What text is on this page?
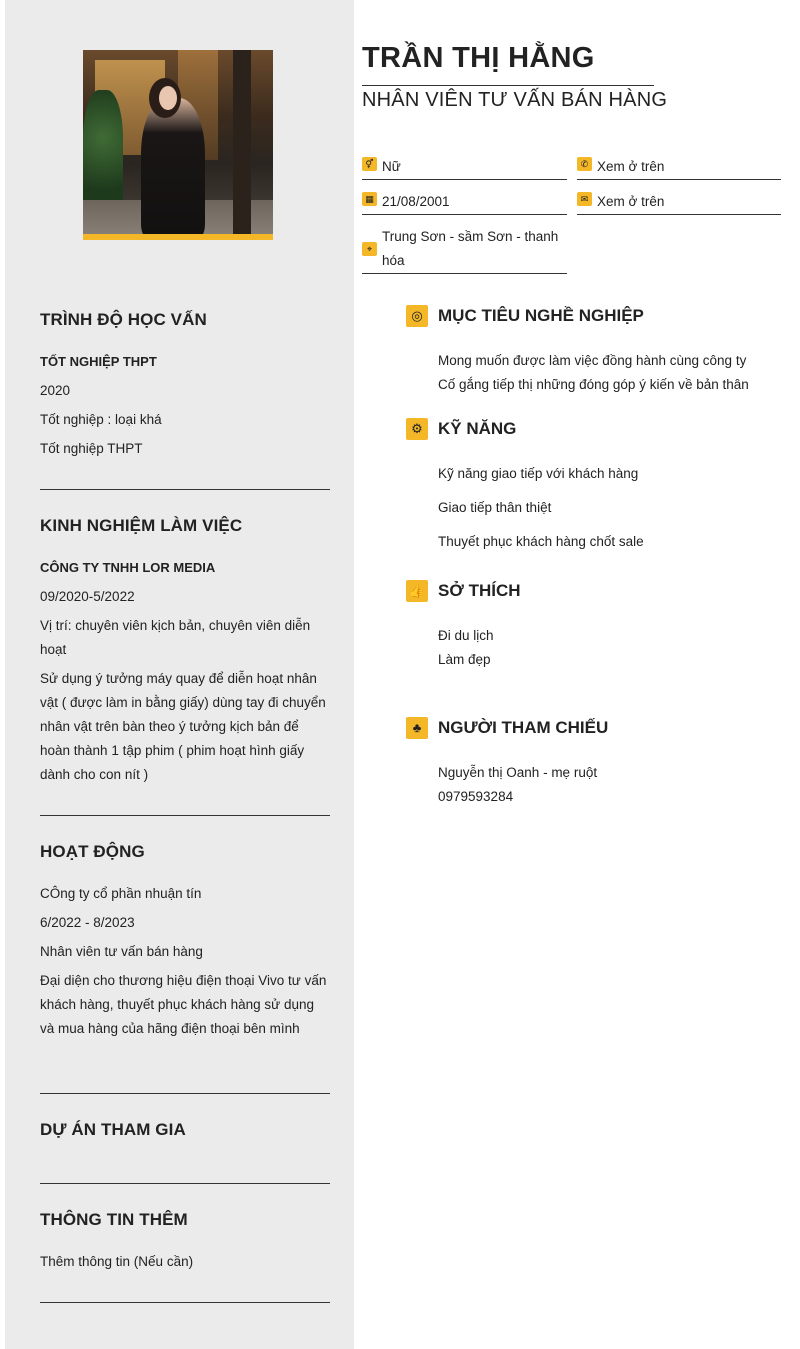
TRÌNH ĐỘ HỌC VẤN
TỐT NGHIỆP THPT
2020
Tốt nghiệp : loại khá
Tốt nghiệp THPT
KINH NGHIỆM LÀM VIỆC
CÔNG TY TNHH LOR MEDIA
09/2020-5/2022
Vị trí: chuyên viên kịch bản, chuyên viên diễn hoạt
Sử dụng ý tưởng máy quay để diễn hoạt nhân vật ( được làm in bằng giấy) dùng tay đi chuyển nhân vật trên bàn theo ý tưởng kịch bản để hoàn thành 1 tập phim ( phim hoạt hình giấy dành cho con nít )
HOẠT ĐỘNG
CÔng ty cổ phần nhuận tín
6/2022 - 8/2023
Nhân viên tư vấn bán hàng
Đại diện cho thương hiệu điện thoại Vivo tư vấn khách hàng, thuyết phục khách hàng sử dụng và mua hàng của hãng điện thoại bên mình
DỰ ÁN THAM GIA
THÔNG TIN THÊM
Thêm thông tin (Nếu cần)
TRẦN THỊ HẰNG
NHÂN VIÊN TƯ VẤN BÁN HÀNG
⚥ Nữ	✆ Xem ở trên
▦ 21/08/2001	✉ Xem ở trên
⌖
Trung Sơn - sầm Sơn - thanh hóa
◎ MỤC TIÊU NGHỀ NGHIỆP
Mong muốn được làm việc đồng hành cùng công ty
Cố gắng tiếp thị những đóng góp ý kiến về bản thân
⚙ KỸ NĂNG
Kỹ năng giao tiếp với khách hàng
Giao tiếp thân thiệt
Thuyết phục khách hàng chốt sale
👍 SỞ THÍCH
Đi du lịch
Làm đẹp
♣ NGƯỜI THAM CHIẾU
Nguyễn thị Oanh - mẹ ruột
0979593284
